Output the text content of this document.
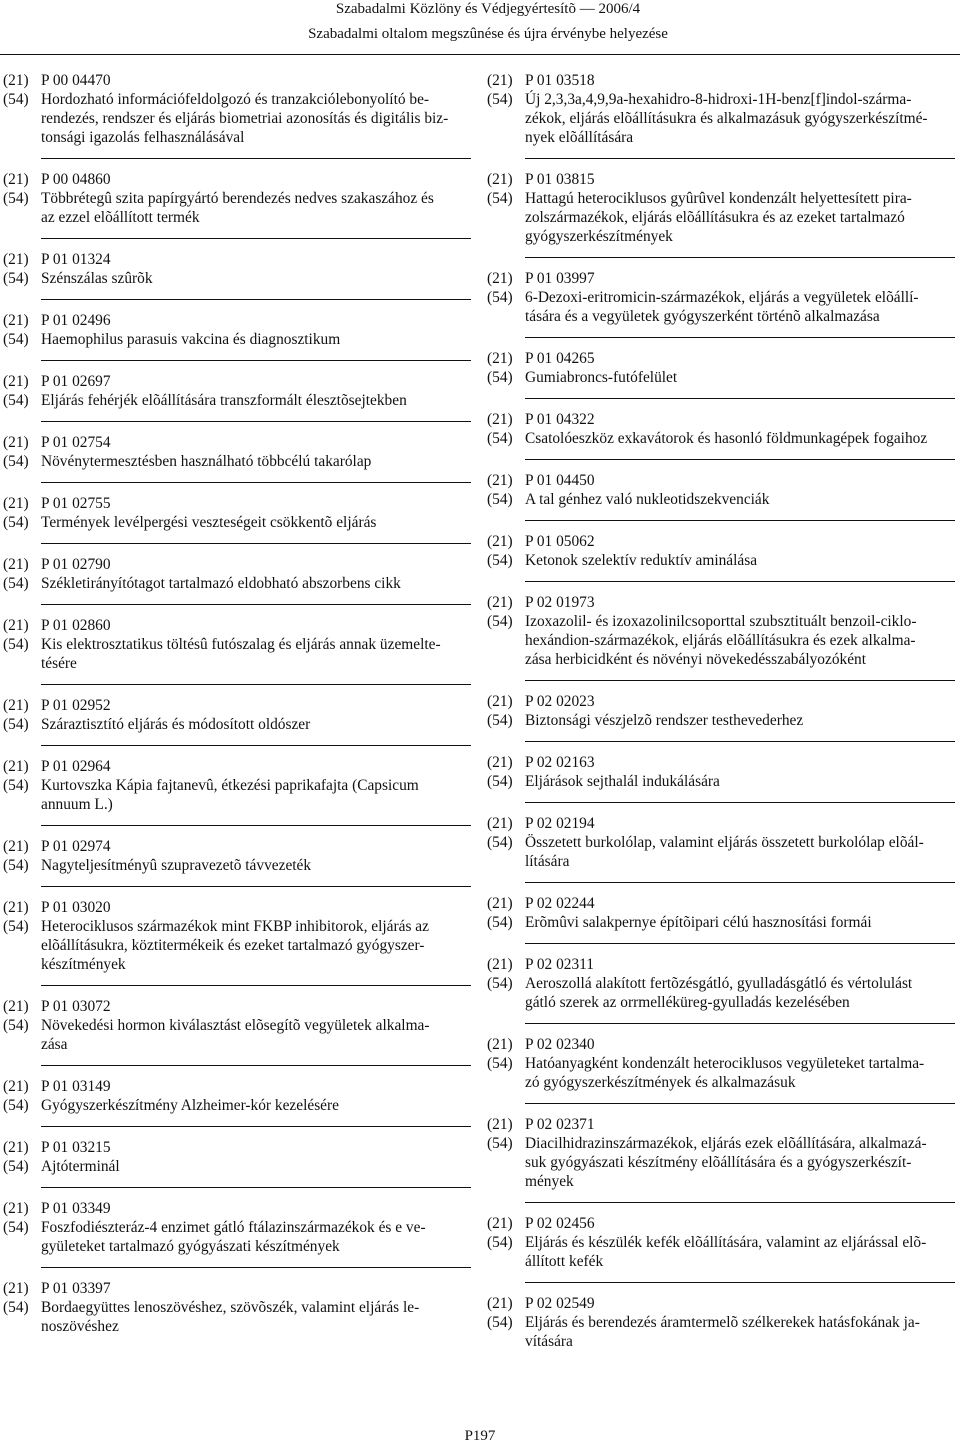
Szabadalmi Közlöny és Védjegyértesítõ — 2006/4
Szabadalmi oltalom megszûnése és újra érvénybe helyezése
(21) P 00 04470
(54) Hordozható információfeldolgozó és tranzakciólebonyolító be-
rendezés, rendszer és eljárás biometriai azonosítás és digitális biz-
tonsági igazolás felhasználásával
(21) P 00 04860
(54) Többrétegû szita papírgyártó berendezés nedves szakaszához és
az ezzel elõállított termék
(21) P 01 01324
(54) Szénszálas szûrõk
(21) P 01 02496
(54) Haemophilus parasuis vakcina és diagnosztikum
(21) P 01 02697
(54) Eljárás fehérjék elõállítására transzformált élesztõsejtekben
(21) P 01 02754
(54) Növénytermesztésben használható többcélú takarólap
(21) P 01 02755
(54) Termények levélpergési veszteségeit csökkentõ eljárás
(21) P 01 02790
(54) Székletirányítótagot tartalmazó eldobható abszorbens cikk
(21) P 01 02860
(54) Kis elektrosztatikus töltésû futószalag és eljárás annak üzemelte-
tésére
(21) P 01 02952
(54) Száraztisztító eljárás és módosított oldószer
(21) P 01 02964
(54) Kurtovszka Kápia fajtanevû, étkezési paprikafajta (Capsicum
annuum L.)
(21) P 01 02974
(54) Nagyteljesítményû szupravezetõ távvezeték
(21) P 01 03020
(54) Heterociklusos származékok mint FKBP inhibitorok, eljárás az
elõállításukra, köztitermékeik és ezeket tartalmazó gyógyszer-
készítmények
(21) P 01 03072
(54) Növekedési hormon kiválasztást elõsegítõ vegyületek alkalma-
zása
(21) P 01 03149
(54) Gyógyszerkészítmény Alzheimer-kór kezelésére
(21) P 01 03215
(54) Ajtóterminál
(21) P 01 03349
(54) Foszfodiészteráz-4 enzimet gátló ftálazinszármazékok és e ve-
gyületeket tartalmazó gyógyászati készítmények
(21) P 01 03397
(54) Bordaegyüttes lenoszövéshez, szövõszék, valamint eljárás le-
noszövéshez
(21) P 01 03518
(54) Új 2,3,3a,4,9,9a-hexahidro-8-hidroxi-1H-benz[f]indol-szárma-
zékok, eljárás elõállításukra és alkalmazásuk gyógyszerkészítmé-
nyek elõállítására
(21) P 01 03815
(54) Hattagú heterociklusos gyûrûvel kondenzált helyettesített pira-
zolszármazékok, eljárás elõállításukra és az ezeket tartalmazó
gyógyszerkészítmények
(21) P 01 03997
(54) 6-Dezoxi-eritromicin-származékok, eljárás a vegyületek elõállí-
tására és a vegyületek gyógyszerként történõ alkalmazása
(21) P 01 04265
(54) Gumiabroncs-futófelület
(21) P 01 04322
(54) Csatolóeszköz exkavátorok és hasonló földmunkagépek fogaihoz
(21) P 01 04450
(54) A tal génhez való nukleotidszekvenciák
(21) P 01 05062
(54) Ketonok szelektív reduktív aminálása
(21) P 02 01973
(54) Izoxazolil- és izoxazolinilcsoporttal szubsztituált benzoil-ciklo-
hexándion-származékok, eljárás elõállításukra és ezek alkalma-
zása herbicidként és növényi növekedésszabályozóként
(21) P 02 02023
(54) Biztonsági vészjelzõ rendszer testhevederhez
(21) P 02 02163
(54) Eljárások sejthalál indukálására
(21) P 02 02194
(54) Összetett burkolólap, valamint eljárás összetett burkolólap elõál-
lítására
(21) P 02 02244
(54) Erõmûvi salakpernye építõipari célú hasznosítási formái
(21) P 02 02311
(54) Aeroszollá alakított fertõzésgátló, gyulladásgátló és vértolulást
gátló szerek az orrmelléküreg-gyulladás kezelésében
(21) P 02 02340
(54) Hatóanyagként kondenzált heterociklusos vegyületeket tartalma-
zó gyógyszerkészítmények és alkalmazásuk
(21) P 02 02371
(54) Diacilhidrazinszármazékok, eljárás ezek elõállítására, alkalmazá-
suk gyógyászati készítmény elõállítására és a gyógyszerkészít-
mények
(21) P 02 02456
(54) Eljárás és készülék kefék elõállítására, valamint az eljárással elõ-
állított kefék
(21) P 02 02549
(54) Eljárás és berendezés áramtermelõ szélkerekek hatásfokának ja-
vítására
P197
